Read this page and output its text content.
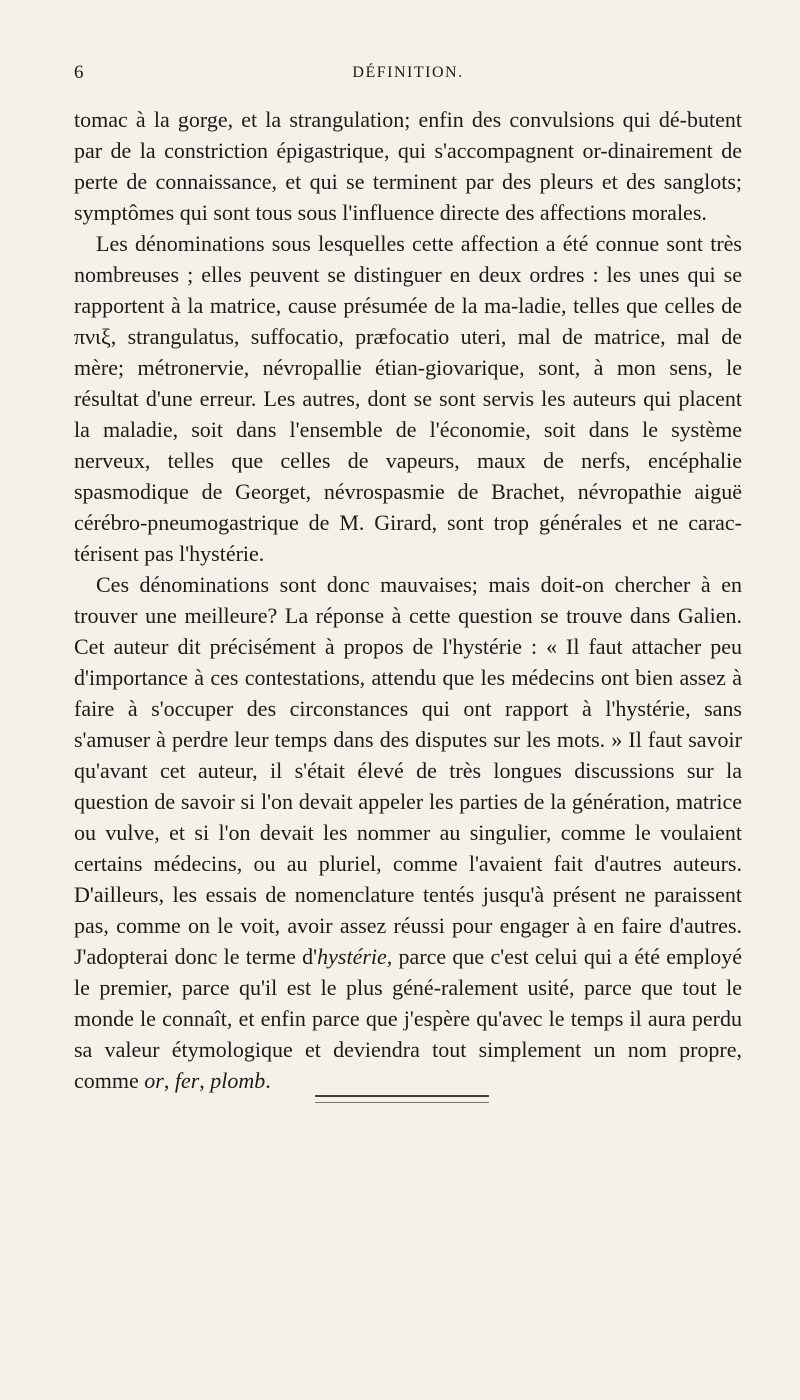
6	DÉFINITION.

tomac à la gorge, et la strangulation; enfin des convulsions qui dé-butent par de la constriction épigastrique, qui s'accompagnent or-dinairement de perte de connaissance, et qui se terminent par des pleurs et des sanglots; symptômes qui sont tous sous l'influence directe des affections morales.

Les dénominations sous lesquelles cette affection a été connue sont très nombreuses ; elles peuvent se distinguer en deux ordres : les unes qui se rapportent à la matrice, cause présumée de la ma-ladie, telles que celles de πνιξ, strangulatus, suffocatio, præfocatio uteri, mal de matrice, mal de mère; métronervie, névropallie étian-giovarique, sont, à mon sens, le résultat d'une erreur. Les autres, dont se sont servis les auteurs qui placent la maladie, soit dans l'ensemble de l'économie, soit dans le système nerveux, telles que celles de vapeurs, maux de nerfs, encéphalie spasmodique de Georget, névrospasmie de Brachet, névropathie aiguë cérébro-pneumogastrique de M. Girard, sont trop générales et ne carac-térisent pas l'hystérie.

Ces dénominations sont donc mauvaises; mais doit-on chercher à en trouver une meilleure? La réponse à cette question se trouve dans Galien. Cet auteur dit précisément à propos de l'hystérie : « Il faut attacher peu d'importance à ces contestations, attendu que les médecins ont bien assez à faire à s'occuper des circonstances qui ont rapport à l'hystérie, sans s'amuser à perdre leur temps dans des disputes sur les mots. » Il faut savoir qu'avant cet auteur, il s'était élevé de très longues discussions sur la question de savoir si l'on devait appeler les parties de la génération, matrice ou vulve, et si l'on devait les nommer au singulier, comme le voulaient certains médecins, ou au pluriel, comme l'avaient fait d'autres auteurs. D'ailleurs, les essais de nomenclature tentés jusqu'à présent ne paraissent pas, comme on le voit, avoir assez réussi pour engager à en faire d'autres. J'adopterai donc le terme d'hystérie, parce que c'est celui qui a été employé le premier, parce qu'il est le plus géné-ralement usité, parce que tout le monde le connaît, et enfin parce que j'espère qu'avec le temps il aura perdu sa valeur étymologique et deviendra tout simplement un nom propre, comme or, fer, plomb.
